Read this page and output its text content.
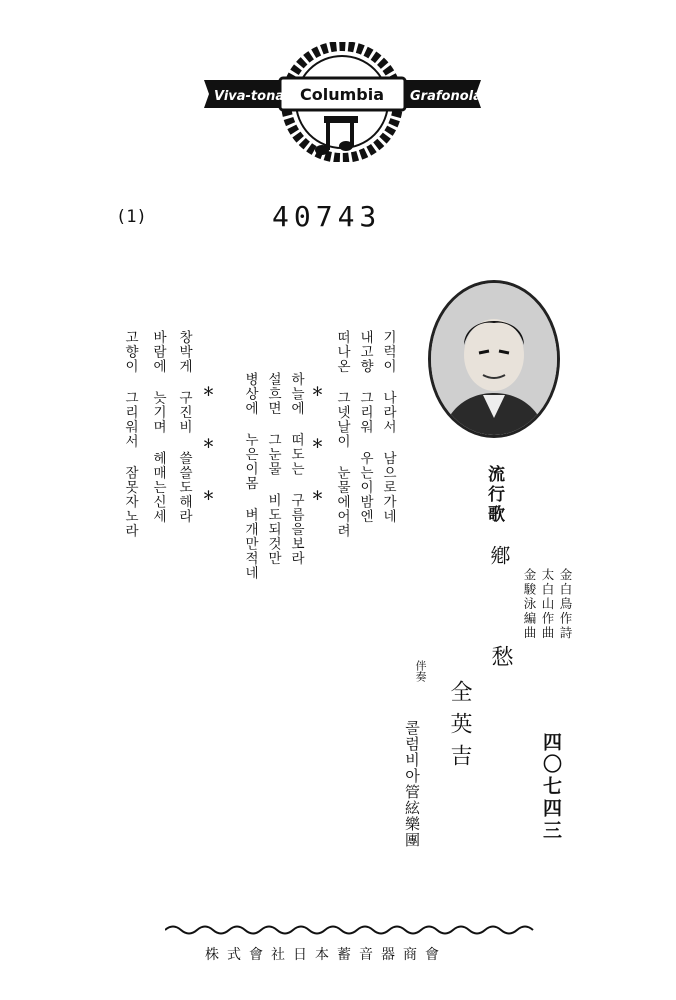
Viva-tonal Columbia Grafonola
(1)	40743
기럭이 나라서 남으로가네
내고향 그리워 우는이밤엔
떠나온 그넷날이 눈물에어려
＊　　　＊　　　＊
하늘에 떠도는 구름을보라
설흐면 그눈물 비도되것만
병상에 누은이몸 벼개만적네
＊　　　＊　　　＊
창박게 구진비 쓸쓸도해라
바람에 늣기며 헤매는신세
고향이 그리워서 잠못자노라	流行歌
鄕
愁
金白鳥作詩
太白山作曲
金駿泳編曲
全英吉
伴奏
콜럼비아管絃樂團	四〇七四三
株式會社日本蓄音器商會
